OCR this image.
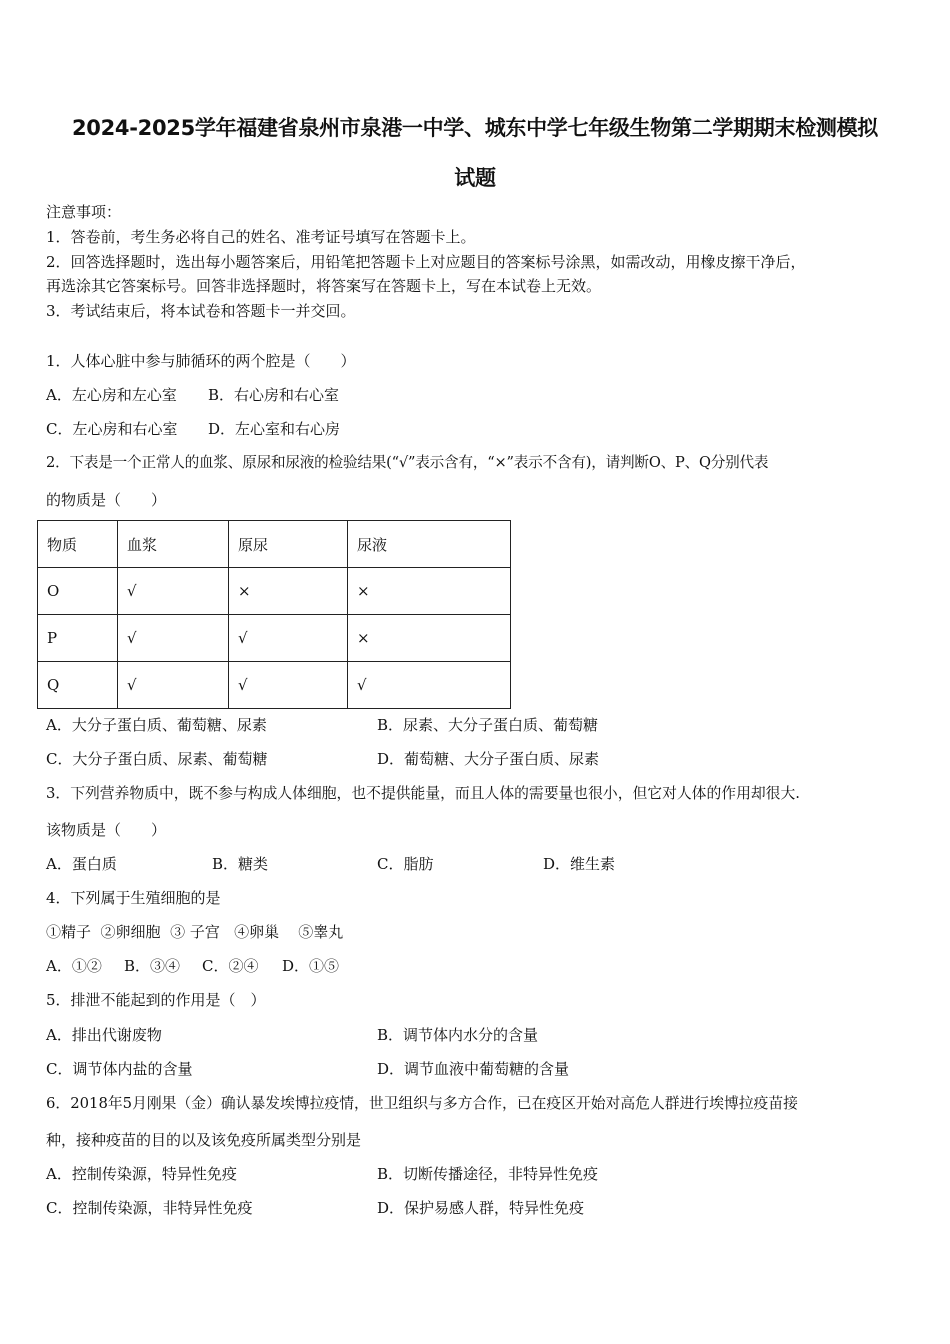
2024-2025学年福建省泉州市泉港一中学、城东中学七年级生物第二学期期末检测模拟
试题
注意事项：
1．答卷前，考生务必将自己的姓名、准考证号填写在答题卡上。
2．回答选择题时，选出每小题答案后，用铅笔把答题卡上对应题目的答案标号涂黑，如需改动，用橡皮擦干净后，
再选涂其它答案标号。回答非选择题时，将答案写在答题卡上，写在本试卷上无效。
3．考试结束后，将本试卷和答题卡一并交回。
1．人体心脏中参与肺循环的两个腔是（　　）
A．左心房和左心室 B．右心房和右心室
C．左心房和右心室 D．左心室和右心房
2．下表是一个正常人的血浆、原尿和尿液的检验结果(“√”表示含有，“×”表示不含有)，请判断O、P、Q分别代表
的物质是（　　）
物质	血浆	原尿	尿液
O	√	×	×
P	√	√	×
Q	√	√	√
A．大分子蛋白质、葡萄糖、尿素	B．尿素、大分子蛋白质、葡萄糖
C．大分子蛋白质、尿素、葡萄糖	D．葡萄糖、大分子蛋白质、尿素
3．下列营养物质中，既不参与构成人体细胞，也不提供能量，而且人体的需要量也很小，但它对人体的作用却很大.
该物质是（　　）
A．蛋白质	B．糖类	C．脂肪	D．维生素
4．下列属于生殖细胞的是
①精子  ②卵细胞  ③ 子宫   ④卵巢    ⑤睾丸
A．①② B．③④ C．②④ D．①⑤
5．排泄不能起到的作用是（　）
A．排出代谢废物	B．调节体内水分的含量
C．调节体内盐的含量	D．调节血液中葡萄糖的含量
6．2018年5月刚果（金）确认暴发埃博拉疫情，世卫组织与多方合作，已在疫区开始对高危人群进行埃博拉疫苗接
种，接种疫苗的目的以及该免疫所属类型分别是
A．控制传染源，特异性免疫	B．切断传播途径，非特异性免疫
C．控制传染源，非特异性免疫	D．保护易感人群，特异性免疫
